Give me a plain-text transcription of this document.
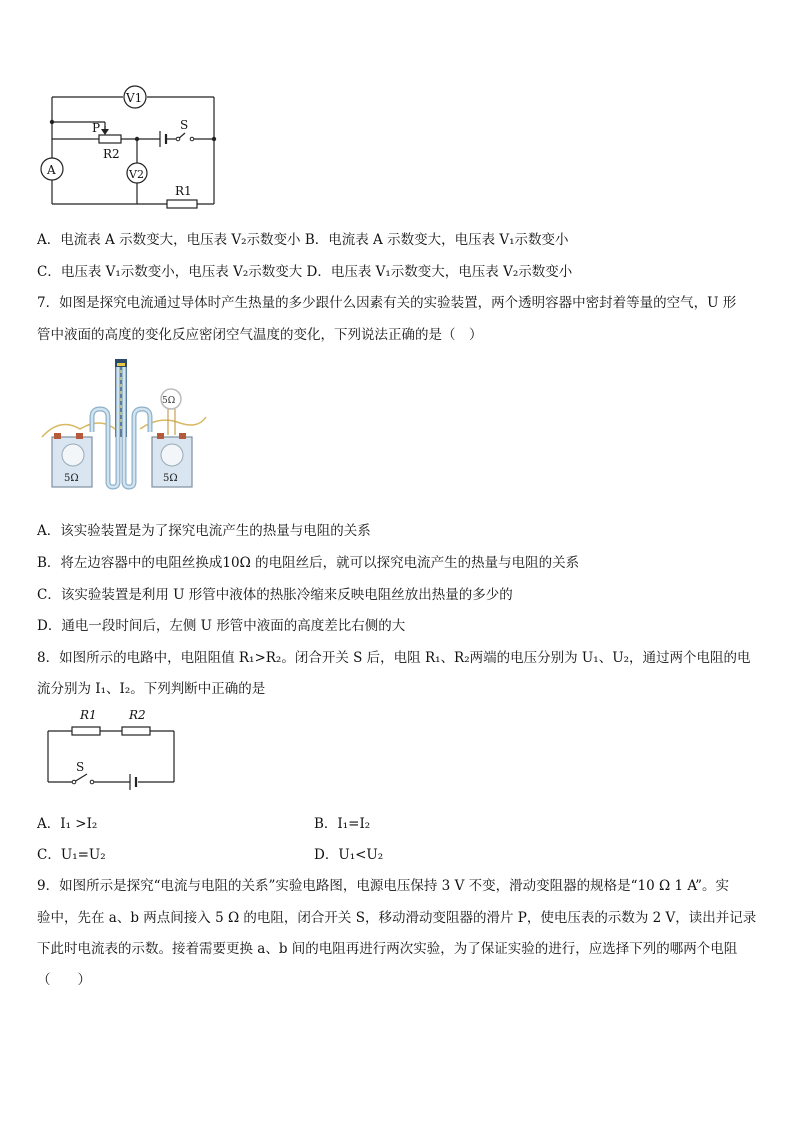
V1
A	V2
P
R2
S
R1
A．电流表 A 示数变大，电压表 V₂示数变小 B．电流表 A 示数变大，电压表 V₁示数变小
C．电压表 V₁示数变小，电压表 V₂示数变大 D．电压表 V₁示数变大，电压表 V₂示数变小
7．如图是探究电流通过导体时产生热量的多少跟什么因素有关的实验装置，两个透明容器中密封着等量的空气，U 形
管中液面的高度的变化反应密闭空气温度的变化，下列说法正确的是（　）
5Ω
5Ω	5Ω
A．该实验装置是为了探究电流产生的热量与电阻的关系
B．将左边容器中的电阻丝换成10Ω 的电阻丝后，就可以探究电流产生的热量与电阻的关系
C．该实验装置是利用 U 形管中液体的热胀冷缩来反映电阻丝放出热量的多少的
D．通电一段时间后，左侧 U 形管中液面的高度差比右侧的大
8．如图所示的电路中，电阻阻值 R₁>R₂。闭合开关 S 后，电阻 R₁、R₂两端的电压分别为 U₁、U₂，通过两个电阻的电
流分别为 I₁、I₂。下列判断中正确的是
R1	R2
S
A．I₁ >I₂	B．I₁=I₂
C．U₁=U₂	D．U₁<U₂
9．如图所示是探究“电流与电阻的关系”实验电路图，电源电压保持 3 V 不变，滑动变阻器的规格是“10 Ω 1 A”。实
验中，先在 a、b 两点间接入 5 Ω 的电阻，闭合开关 S，移动滑动变阻器的滑片 P，使电压表的示数为 2 V，读出并记录
下此时电流表的示数。接着需要更换 a、b 间的电阻再进行两次实验，为了保证实验的进行，应选择下列的哪两个电阻
（　　）
